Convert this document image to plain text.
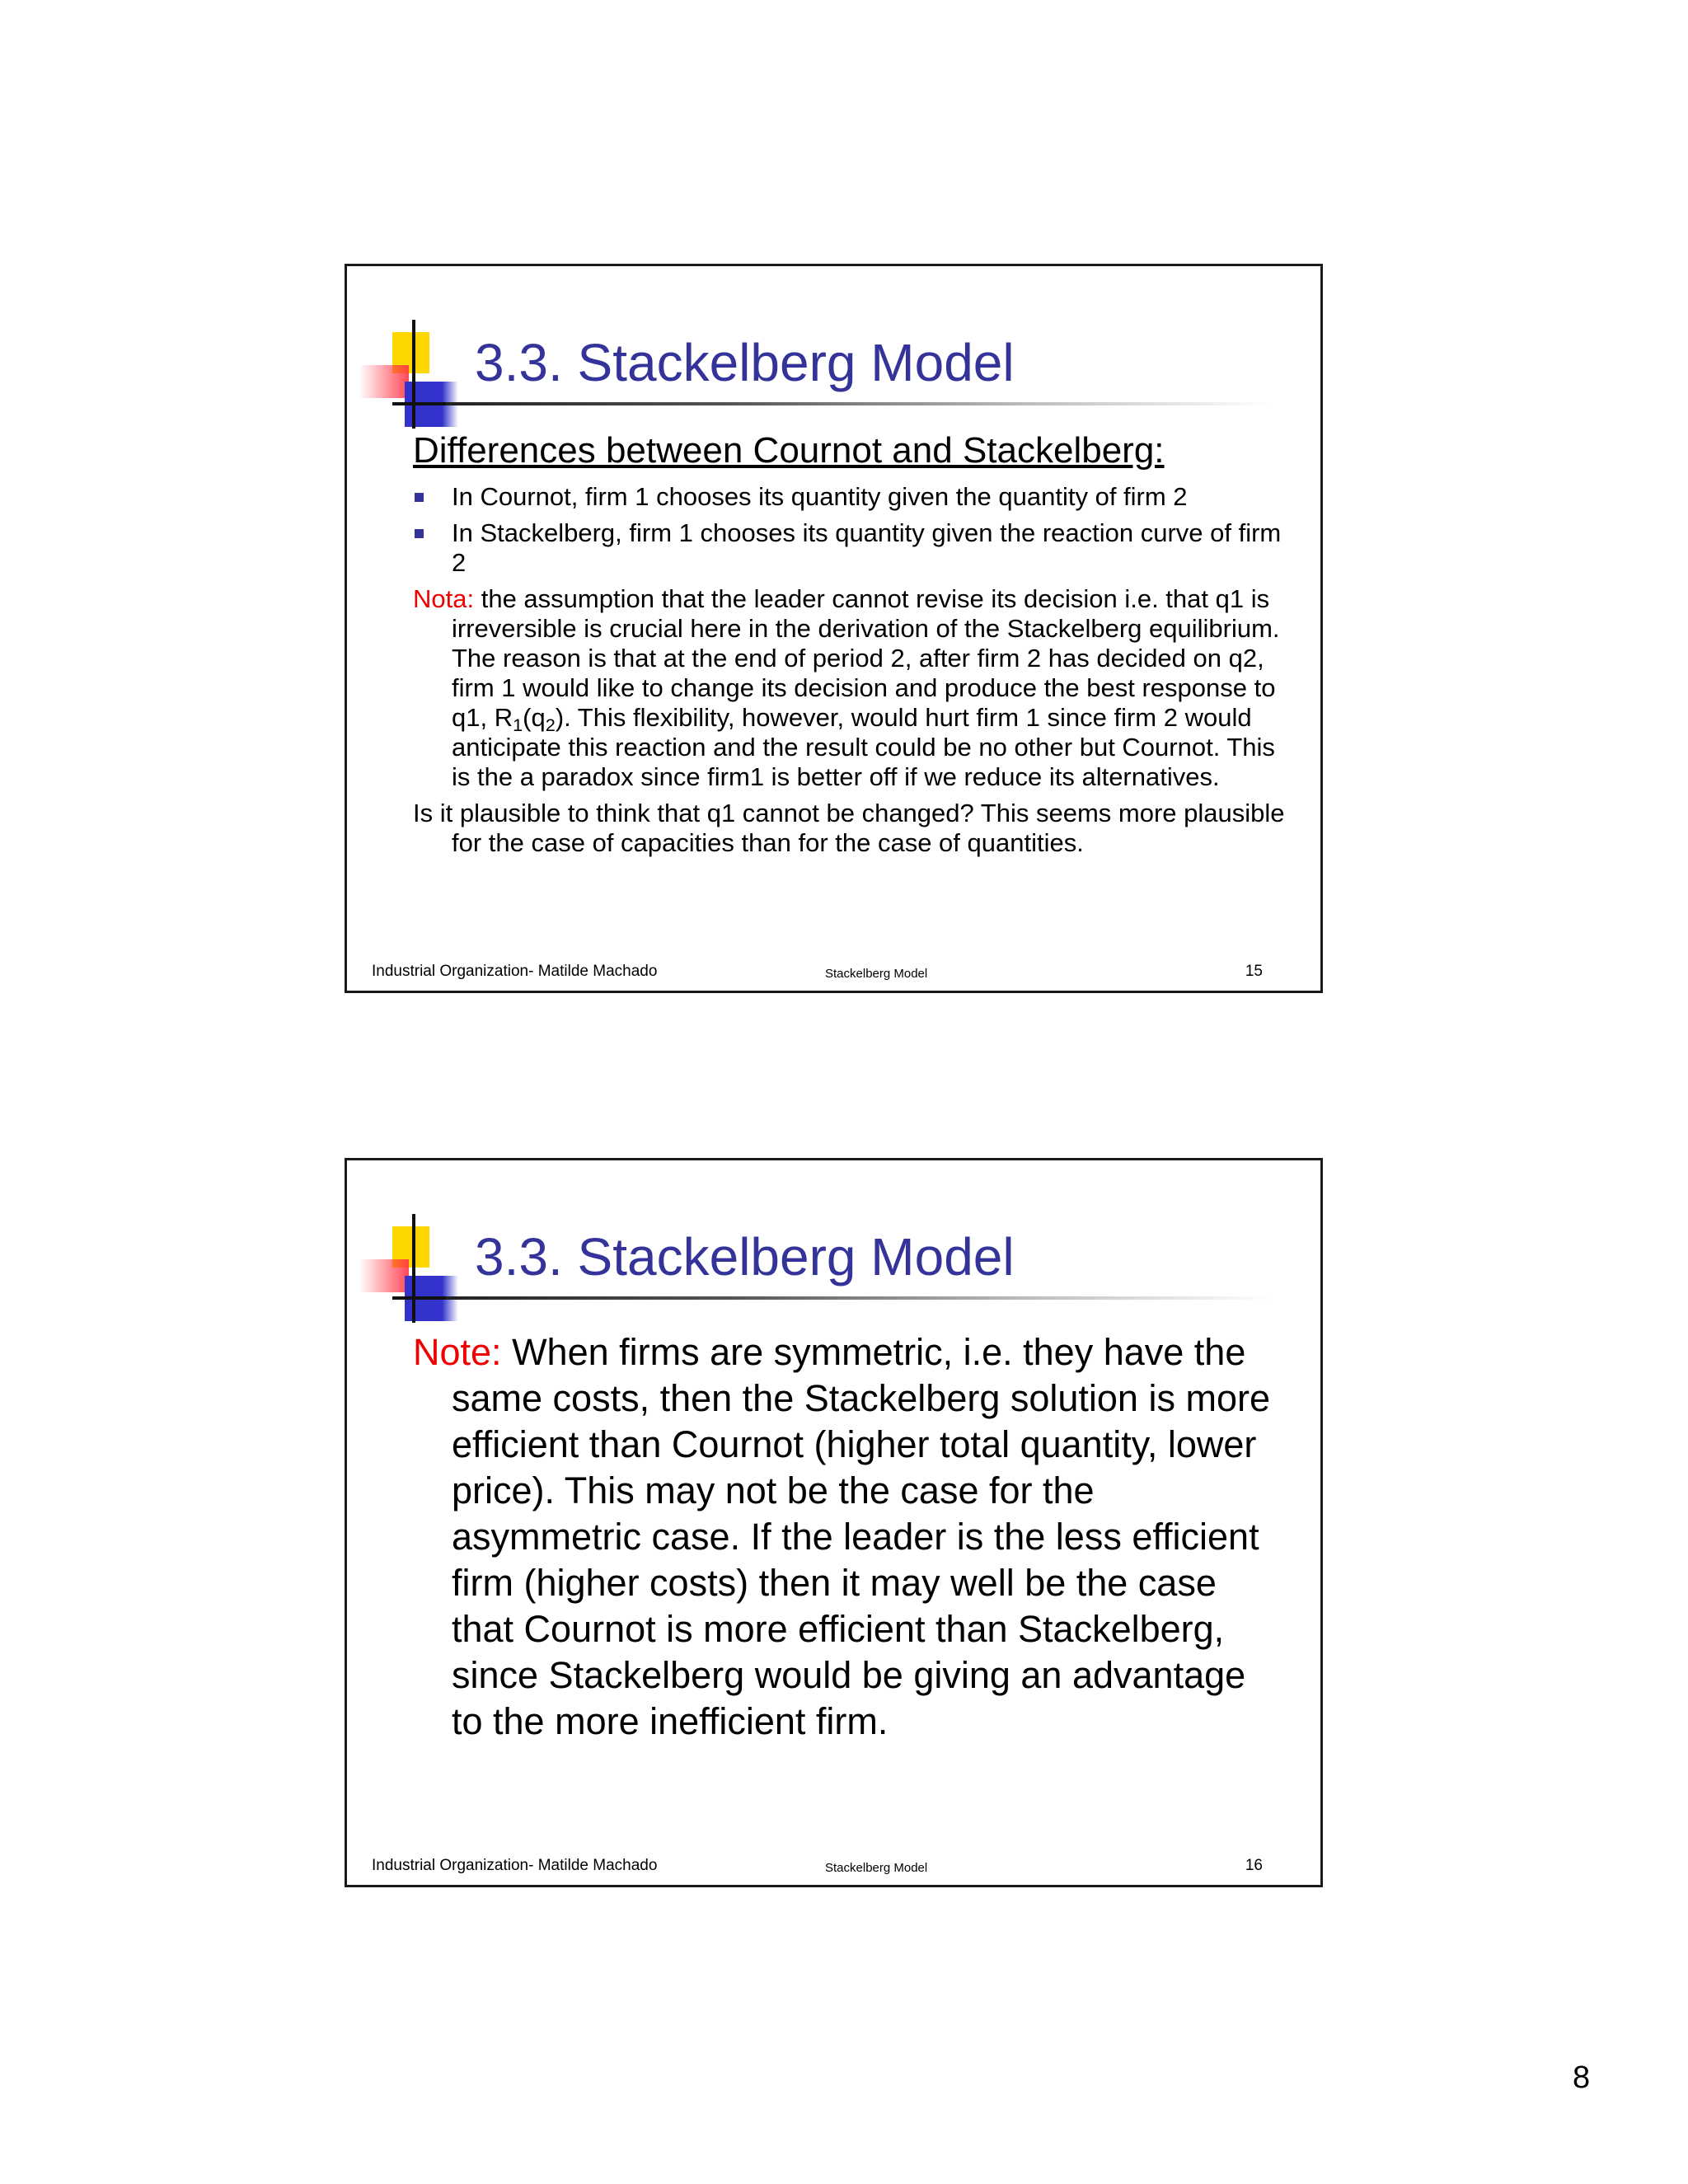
3.3. Stackelberg Model
Differences between Cournot and Stackelberg:
In Cournot, firm 1 chooses its quantity given the quantity of firm 2
In Stackelberg, firm 1 chooses its quantity given the reaction curve of firm 2
Nota: the assumption that the leader cannot revise its decision i.e. that q1 is irreversible is crucial here in the derivation of the Stackelberg equilibrium. The reason is that at the end of period 2, after firm 2 has decided on q2, firm 1 would like to change its decision and produce the best response to q1, $R_1(q_2)$. This flexibility, however, would hurt firm 1 since firm 2 would anticipate this reaction and the result could be no other but Cournot. This is the a paradox since firm1 is better off if we reduce its alternatives.
Is it plausible to think that q1 cannot be changed? This seems more plausible for the case of capacities than for the case of quantities.
Industrial Organization- Matilde Machado	Stackelberg Model	15
3.3. Stackelberg Model

Note: When firms are symmetric, i.e. they have the same costs, then the Stackelberg solution is more efficient than Cournot (higher total quantity, lower price). This may not be the case for the asymmetric case. If the leader is the less efficient firm (higher costs) then it may well be the case that Cournot is more efficient than Stackelberg, since Stackelberg would be giving an advantage to the more inefficient firm.

Industrial Organization- Matilde Machado	Stackelberg Model	16
8
